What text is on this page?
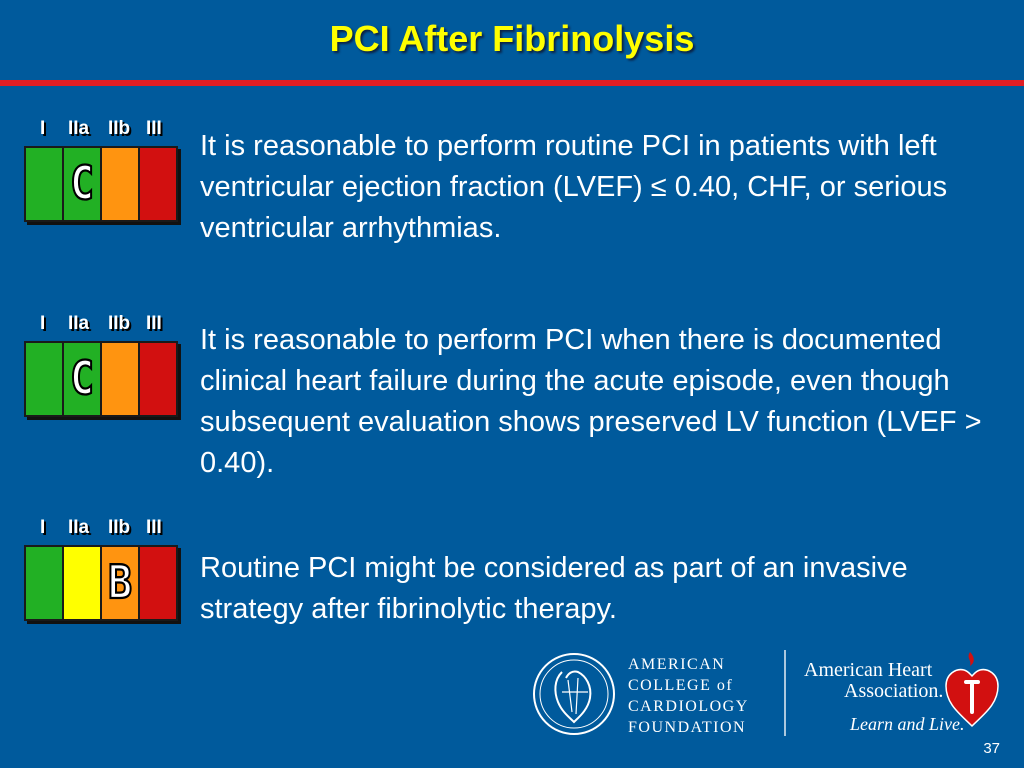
PCI After Fibrinolysis
I IIa IIb III
C

It is reasonable to perform routine PCI in patients with left ventricular ejection fraction (LVEF) ≤ 0.40, CHF, or serious ventricular arrhythmias.

I IIa IIb III
C

It is reasonable to perform PCI when there is documented clinical heart failure during the acute episode, even though subsequent evaluation shows preserved LV function (LVEF > 0.40).

I IIa IIb III
B Routine PCI might be considered as part of an invasive strategy after fibrinolytic therapy.

AMERICAN
COLLEGE of
CARDIOLOGY
FOUNDATION
American Heart
Association.
Learn and Live.
37
